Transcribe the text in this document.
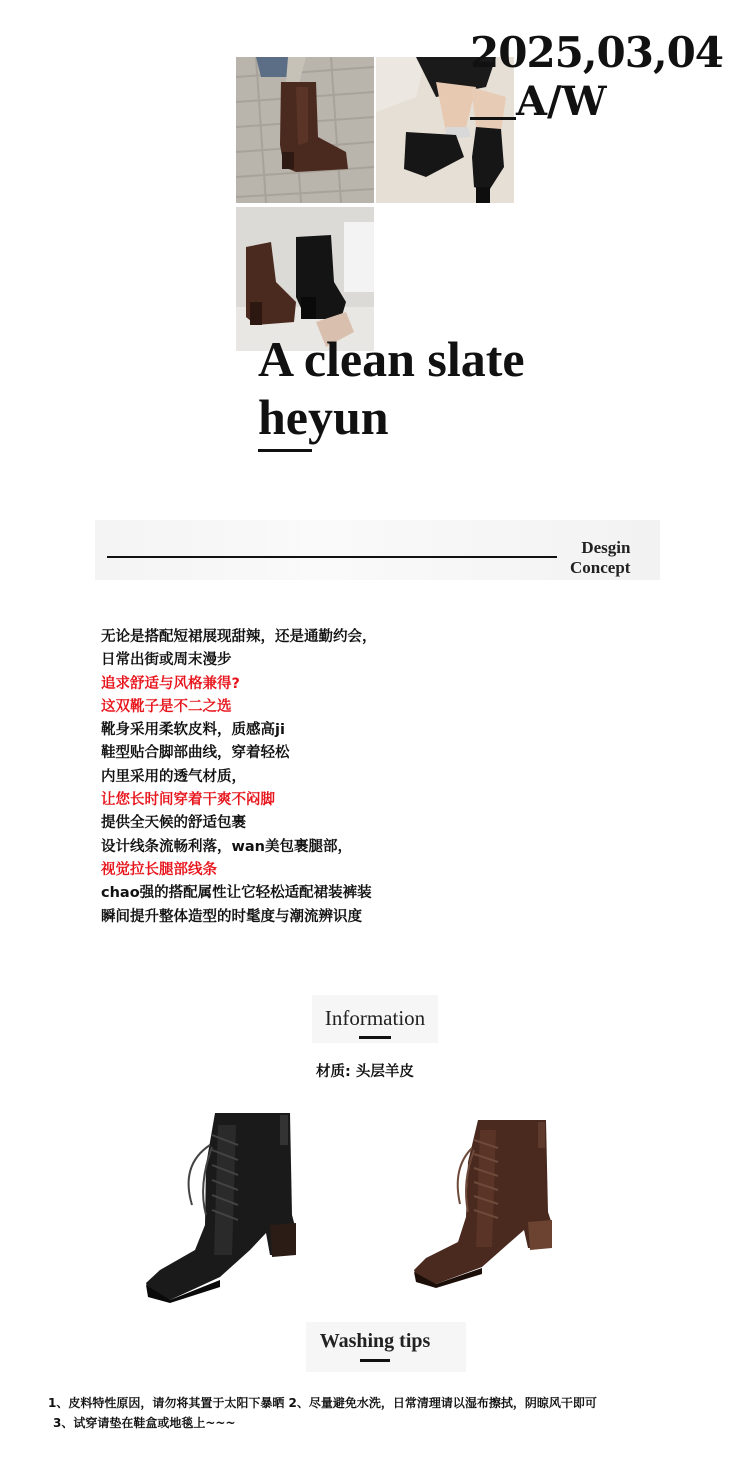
2025,03,04
A/W
A clean slate
heyun
Desgin
Concept
无论是搭配短裙展现甜辣，还是通勤约会，
日常出街或周末漫步
追求舒适与风格兼得?
这双靴子是不二之选
靴身采用柔软皮料，质感高ji
鞋型贴合脚部曲线，穿着轻松
内里采用的透气材质，
让您长时间穿着干爽不闷脚
提供全天候的舒适包裹
设计线条流畅利落，wan美包裹腿部，
视觉拉长腿部线条
chao强的搭配属性让它轻松适配裙装裤装
瞬间提升整体造型的时髦度与潮流辨识度
Information
材质: 头层羊皮
Washing tips
1、皮料特性原因，请勿将其置于太阳下暴晒 2、尽量避免水洗，日常清理请以湿布擦拭，阴晾风干即可
3、试穿请垫在鞋盒或地毯上~~~
